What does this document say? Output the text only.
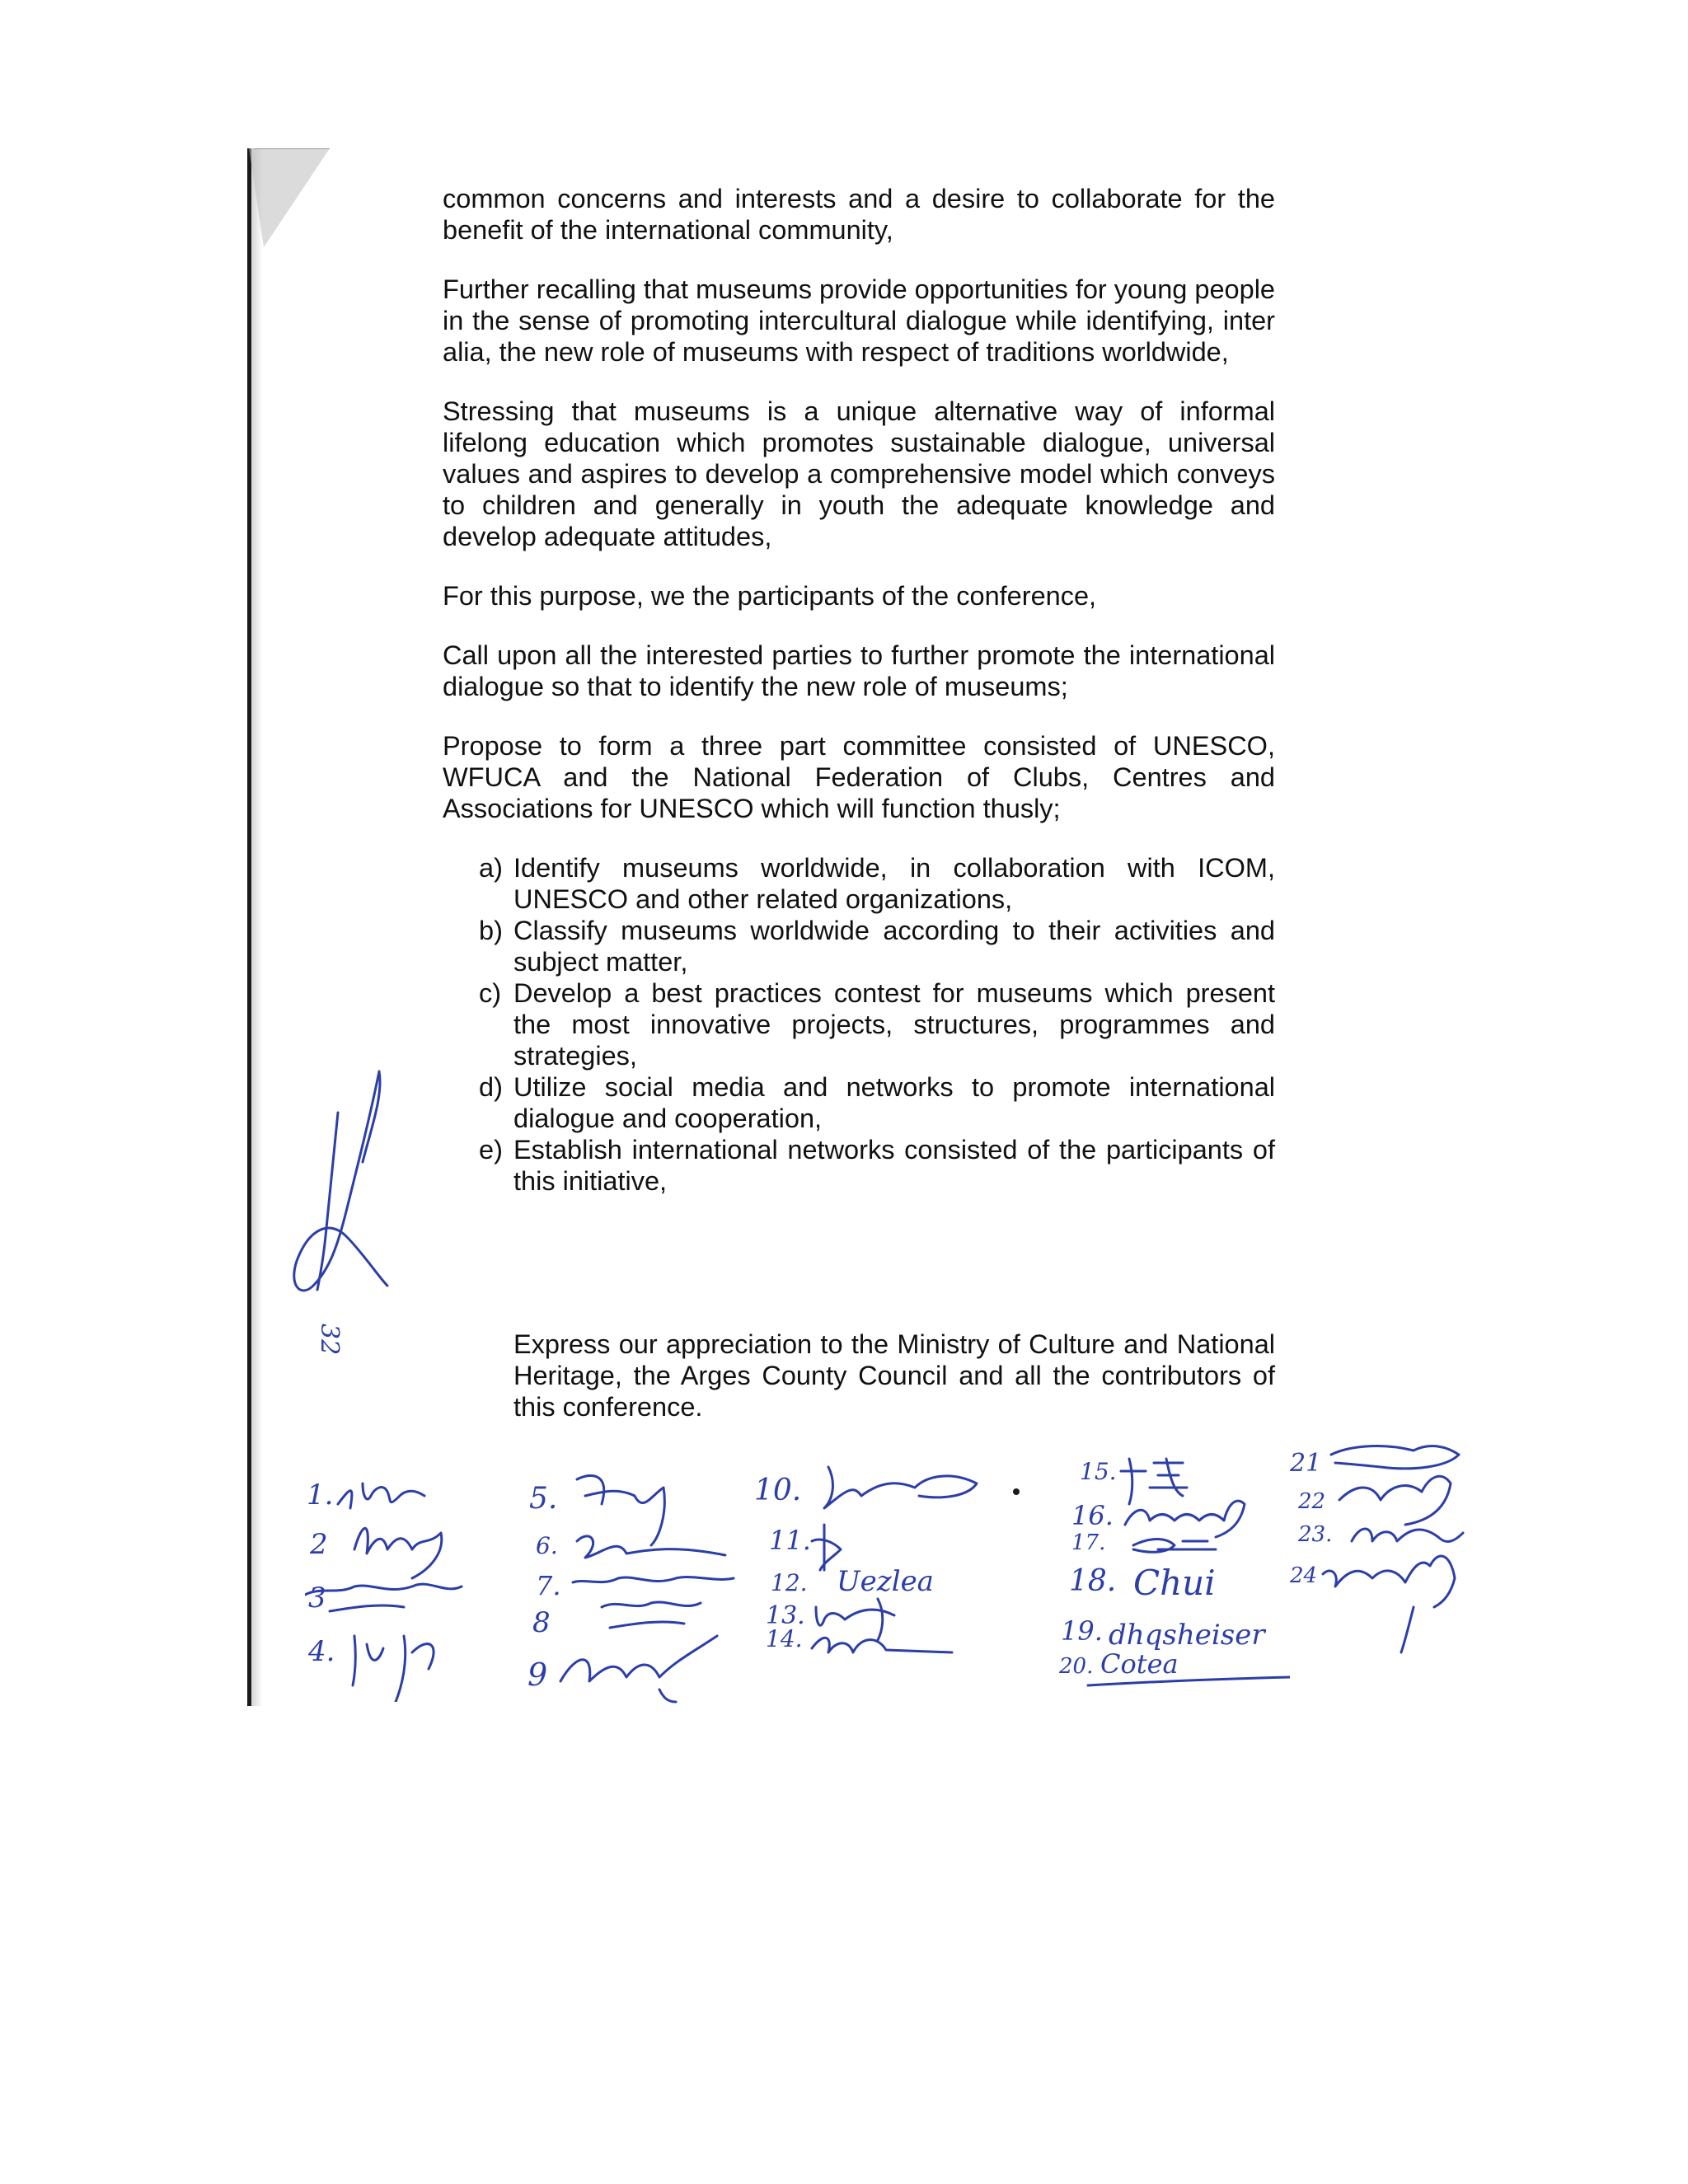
common concerns and interests and a desire to collaborate for the benefit of the international community,

Further recalling that museums provide opportunities for young people in the sense of promoting intercultural dialogue while identifying, inter alia, the new role of museums with respect of traditions worldwide,

Stressing that museums is a unique alternative way of informal lifelong education which promotes sustainable dialogue, universal values and aspires to develop a comprehensive model which conveys to children and generally in youth the adequate knowledge and develop adequate attitudes,

For this purpose, we the participants of the conference,

Call upon all the interested parties to further promote the international dialogue so that to identify the new role of museums;

Propose to form a three part committee consisted of UNESCO, WFUCA and the National Federation of Clubs, Centres and Associations for UNESCO which will function thusly;

a) Identify museums worldwide, in collaboration with ICOM, UNESCO and other related organizations,
b) Classify museums worldwide according to their activities and subject matter,
c) Develop a best practices contest for museums which present the most innovative projects, structures, programmes and strategies,
d) Utilize social media and networks to promote international dialogue and cooperation,
e) Establish international networks consisted of the participants of this initiative,

Express our appreciation to the Ministry of Culture and National Heritage, the Arges County Council and all the contributors of this conference.

32
1.
2
4.
3
5.
6.
7.
8
9
10.
11.
12.
13.
14.
Uezlea
15.
16.
17.
18.
19.
20.
Chui
dhqsheiser
Cotea
21
22
23.
24
